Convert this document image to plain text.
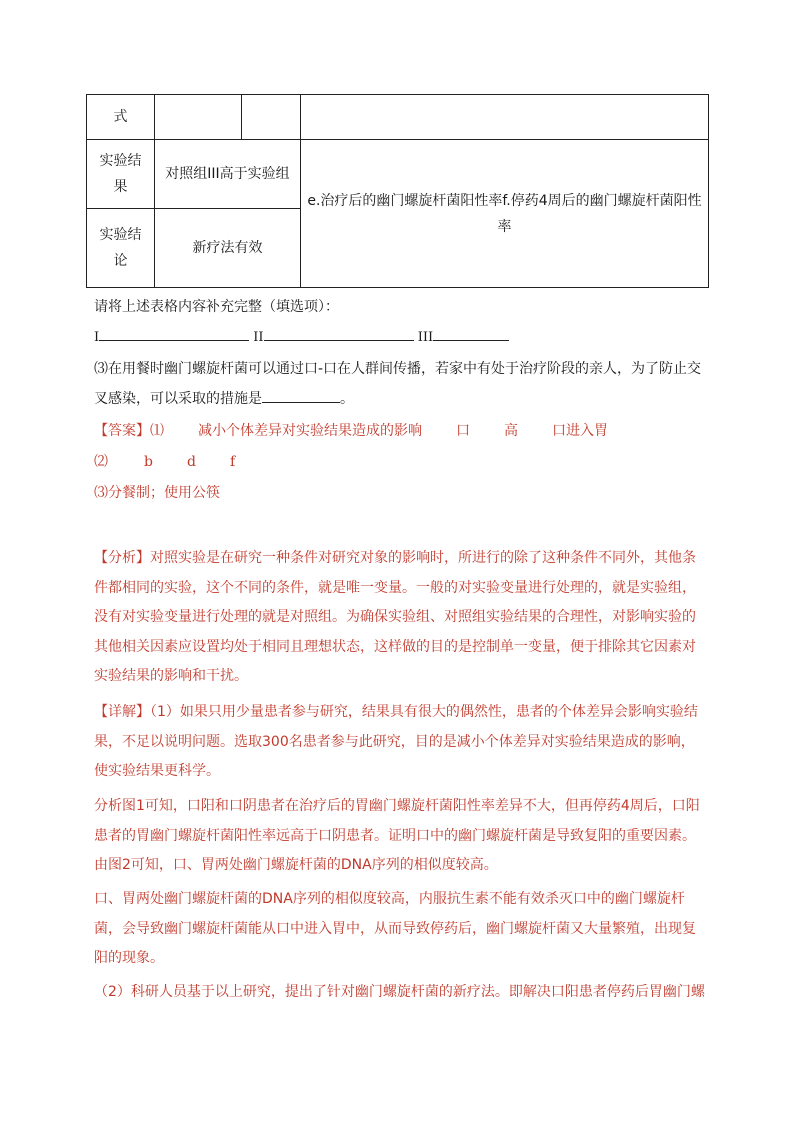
式			
实验结果	对照组III高于实验组		e.治疗后的幽门螺旋杆菌阳性率f.停药4周后的幽门螺旋杆菌阳性率
实验结论	新疗法有效		
请将上述表格内容补充完整（填选项）：
I	II	III
⑶在用餐时幽门螺旋杆菌可以通过口-口在人群间传播，若家中有处于治疗阶段的亲人，为了防止交叉感染，可以采取的措施是	。
【答案】⑴ 减小个体差异对实验结果造成的影响 口 高 口进入胃
⑵	b d f
⑶分餐制；使用公筷
【分析】对照实验是在研究一种条件对研究对象的影响时，所进行的除了这种条件不同外，其他条件都相同的实验，这个不同的条件，就是唯一变量。一般的对实验变量进行处理的，就是实验组，没有对实验变量进行处理的就是对照组。为确保实验组、对照组实验结果的合理性，对影响实验的其他相关因素应设置均处于相同且理想状态，这样做的目的是控制单一变量，便于排除其它因素对实验结果的影响和干扰。
【详解】（1）如果只用少量患者参与研究，结果具有很大的偶然性，患者的个体差异会影响实验结果，不足以说明问题。选取300名患者参与此研究，目的是减小个体差异对实验结果造成的影响，使实验结果更科学。
分析图1可知，口阳和口阴患者在治疗后的胃幽门螺旋杆菌阳性率差异不大，但再停药4周后，口阳患者的胃幽门螺旋杆菌阳性率远高于口阴患者。证明口中的幽门螺旋杆菌是导致复阳的重要因素。由图2可知，口、胃两处幽门螺旋杆菌的DNA序列的相似度较高。
口、胃两处幽门螺旋杆菌的DNA序列的相似度较高，内服抗生素不能有效杀灭口中的幽门螺旋杆菌，会导致幽门螺旋杆菌能从口中进入胃中，从而导致停药后，幽门螺旋杆菌又大量繁殖，出现复阳的现象。
（2）科研人员基于以上研究，提出了针对幽门螺旋杆菌的新疗法。即解决口阳患者停药后胃幽门螺
